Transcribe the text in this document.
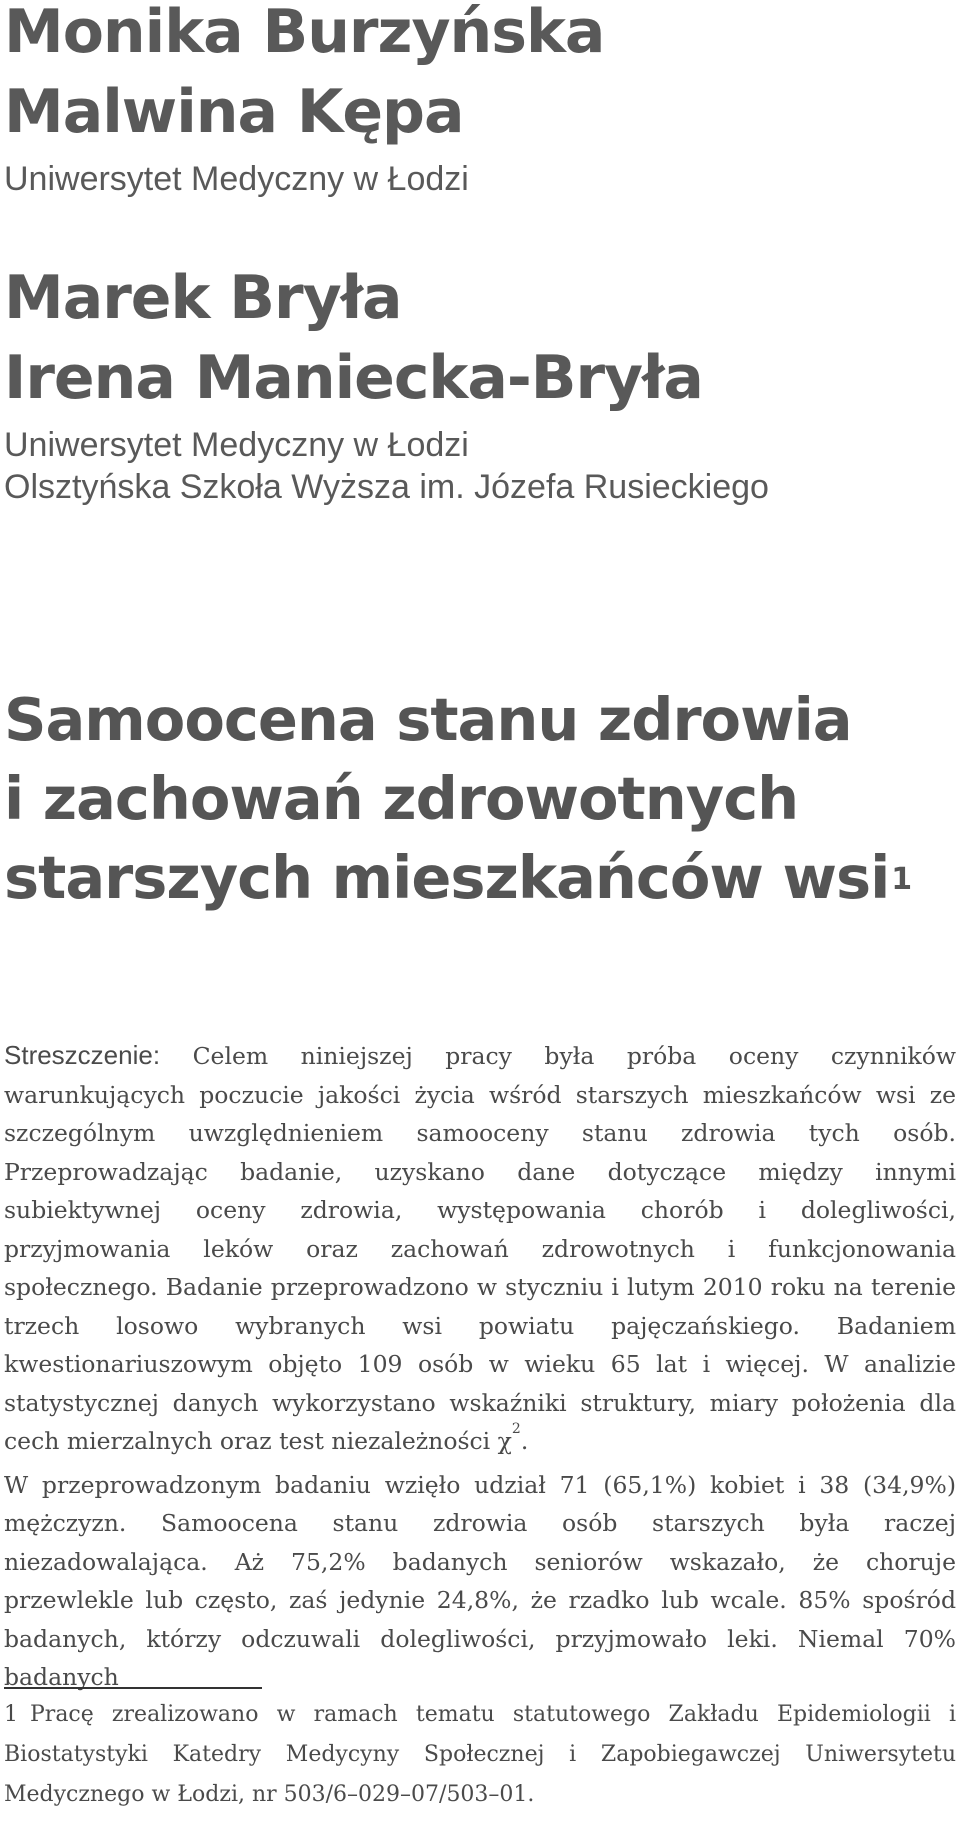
Monika Burzyńska

Malwina Kępa

Uniwersytet Medyczny w Łodzi

Marek Bryła

Irena Maniecka-Bryła

Uniwersytet Medyczny w Łodzi

Olsztyńska Szkoła Wyższa im. Józefa Rusieckiego

Samoocena stanu zdrowia
i zachowań zdrowotnych
starszych mieszkańców wsi$^1$

Streszczenie: Celem niniejszej pracy była próba oceny czynników warunkujących poczucie jakości życia wśród starszych mieszkańców wsi ze szczególnym uwzględnieniem samooceny stanu zdrowia tych osób. Przeprowadzając badanie, uzyskano dane dotyczące między innymi subiektywnej oceny zdrowia, występowania chorób i dolegliwości, przyjmowania leków oraz zachowań zdrowotnych i funkcjonowania społecznego. Badanie przeprowadzono w styczniu i lutym 2010 roku na terenie trzech losowo wybranych wsi powiatu pajęczańskiego. Badaniem kwestionariuszowym objęto 109 osób w wieku 65 lat i więcej. W analizie statystycznej danych wykorzystano wskaźniki struktury, miary położenia dla cech mierzalnych oraz test niezależności $\chi^2$.

W przeprowadzonym badaniu wzięło udział 71 (65,1%) kobiet i 38 (34,9%) mężczyzn. Samoocena stanu zdrowia osób starszych była raczej niezadowalająca. Aż 75,2% badanych seniorów wskazało, że choruje przewlekle lub często, zaś jedynie 24,8%, że rzadko lub wcale. 85% spośród badanych, którzy odczuwali dolegliwości, przyjmowało leki. Niemal 70% badanych

1 Pracę zrealizowano w ramach tematu statutowego Zakładu Epidemiologii i Biostatystyki Katedry Medycyny Społecznej i Zapobiegawczej Uniwersytetu Medycznego w Łodzi, nr 503/6–029–07/503–01.
